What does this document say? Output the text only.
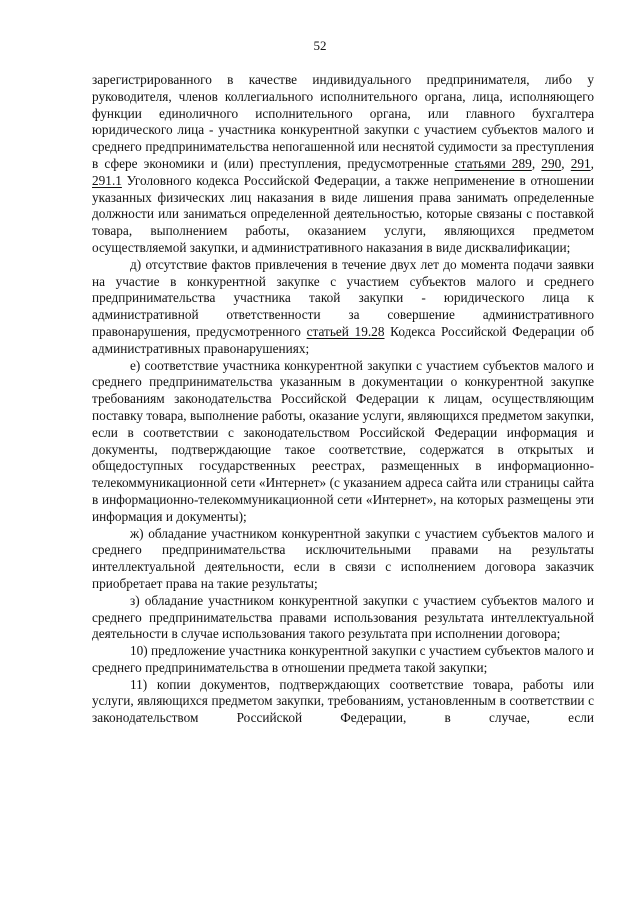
52

зарегистрированного в качестве индивидуального предпринимателя, либо у руководителя, членов коллегиального исполнительного органа, лица, исполняющего функции единоличного исполнительного органа, или главного бухгалтера юридического лица - участника конкурентной закупки с участием субъектов малого и среднего предпринимательства непогашенной или неснятой судимости за преступления в сфере экономики и (или) преступления, предусмотренные статьями 289, 290, 291, 291.1 Уголовного кодекса Российской Федерации, а также неприменение в отношении указанных физических лиц наказания в виде лишения права занимать определенные должности или заниматься определенной деятельностью, которые связаны с поставкой товара, выполнением работы, оказанием услуги, являющихся предметом осуществляемой закупки, и административного наказания в виде дисквалификации;

д) отсутствие фактов привлечения в течение двух лет до момента подачи заявки на участие в конкурентной закупке с участием субъектов малого и среднего предпринимательства участника такой закупки - юридического лица к административной ответственности за совершение административного правонарушения, предусмотренного статьей 19.28 Кодекса Российской Федерации об административных правонарушениях;

е) соответствие участника конкурентной закупки с участием субъектов малого и среднего предпринимательства указанным в документации о конкурентной закупке требованиям законодательства Российской Федерации к лицам, осуществляющим поставку товара, выполнение работы, оказание услуги, являющихся предметом закупки, если в соответствии с законодательством Российской Федерации информация и документы, подтверждающие такое соответствие, содержатся в открытых и общедоступных государственных реестрах, размещенных в информационно-телекоммуникационной сети «Интернет» (с указанием адреса сайта или страницы сайта в информационно-телекоммуникационной сети «Интернет», на которых размещены эти информация и документы);

ж) обладание участником конкурентной закупки с участием субъектов малого и среднего предпринимательства исключительными правами на результаты интеллектуальной деятельности, если в связи с исполнением договора заказчик приобретает права на такие результаты;

з) обладание участником конкурентной закупки с участием субъектов малого и среднего предпринимательства правами использования результата интеллектуальной деятельности в случае использования такого результата при исполнении договора;

10) предложение участника конкурентной закупки с участием субъектов малого и среднего предпринимательства в отношении предмета такой закупки;

11) копии документов, подтверждающих соответствие товара, работы или услуги, являющихся предметом закупки, требованиям, установленным в соответствии с законодательством Российской Федерации, в случае, если
